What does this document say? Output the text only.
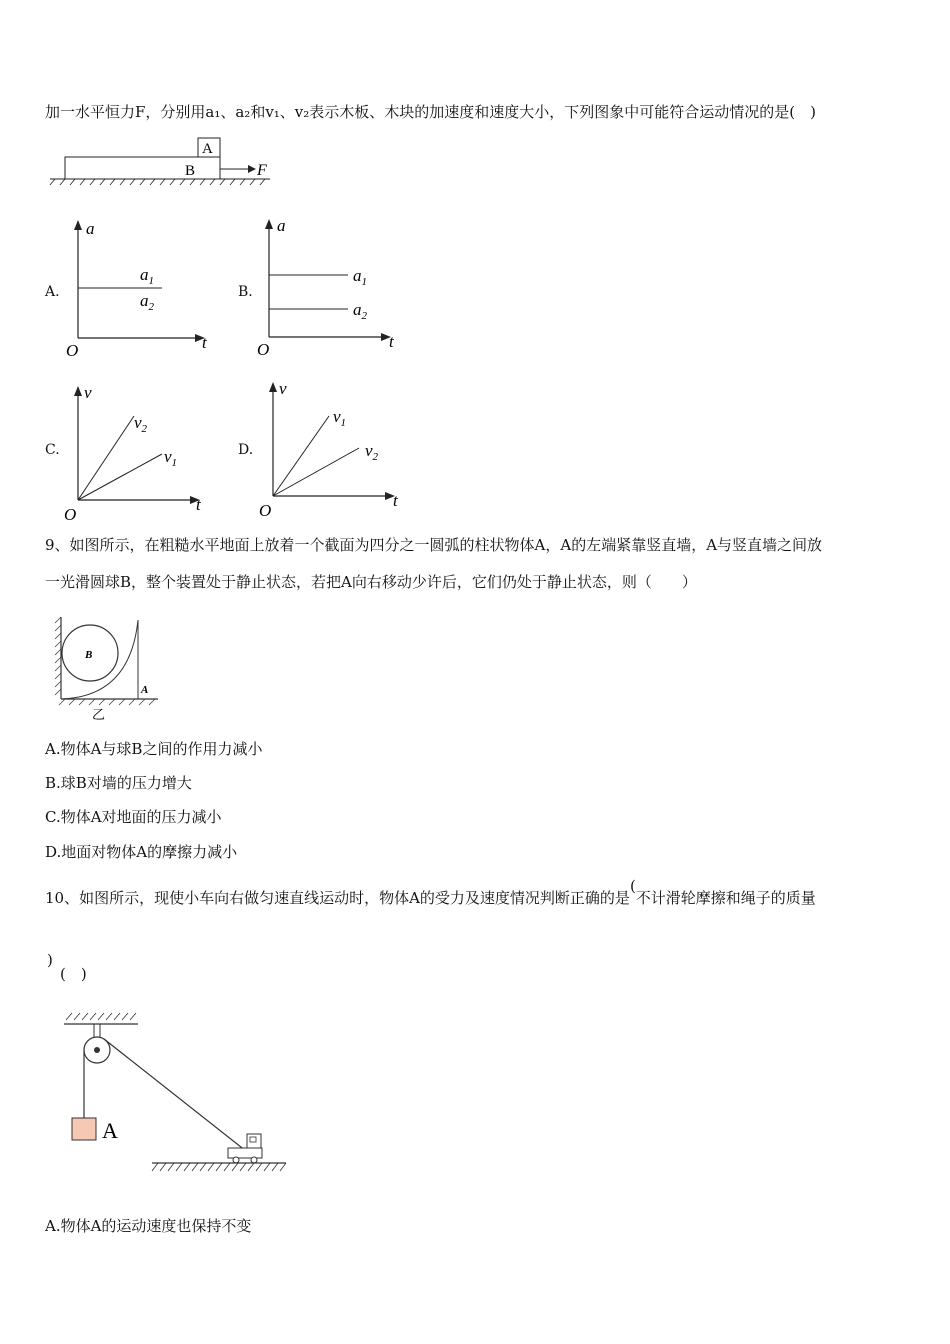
加一水平恒力F，分别用a₁、a₂和v₁、v₂表示木板、木块的加速度和速度大小，下列图象中可能符合运动情况的是(　)
A
B	F
A.
a
t
O
$a_1$
$a_2$
B.
a
t
O
$a_1$
$a_2$
C.
v
t
O
$v_2$
$v_1$
D.
v
t
O
$v_1$
$v_2$
9、如图所示，在粗糙水平地面上放着一个截面为四分之一圆弧的柱状物体A，A的左端紧靠竖直墙，A与竖直墙之间放
一光滑圆球B，整个装置处于静止状态，若把A向右移动少许后，它们仍处于静止状态，则（　　）
B
A
乙
A.物体A与球B之间的作用力减小
B.球B对墙的压力增大
C.物体A对地面的压力减小
D.地面对物体A的摩擦力减小
10、如图所示，现使小车向右做匀速直线运动时，物体A的受力及速度情况判断正确的是(不计滑轮摩擦和绳子的质量
)
(　)
A
A.物体A的运动速度也保持不变
